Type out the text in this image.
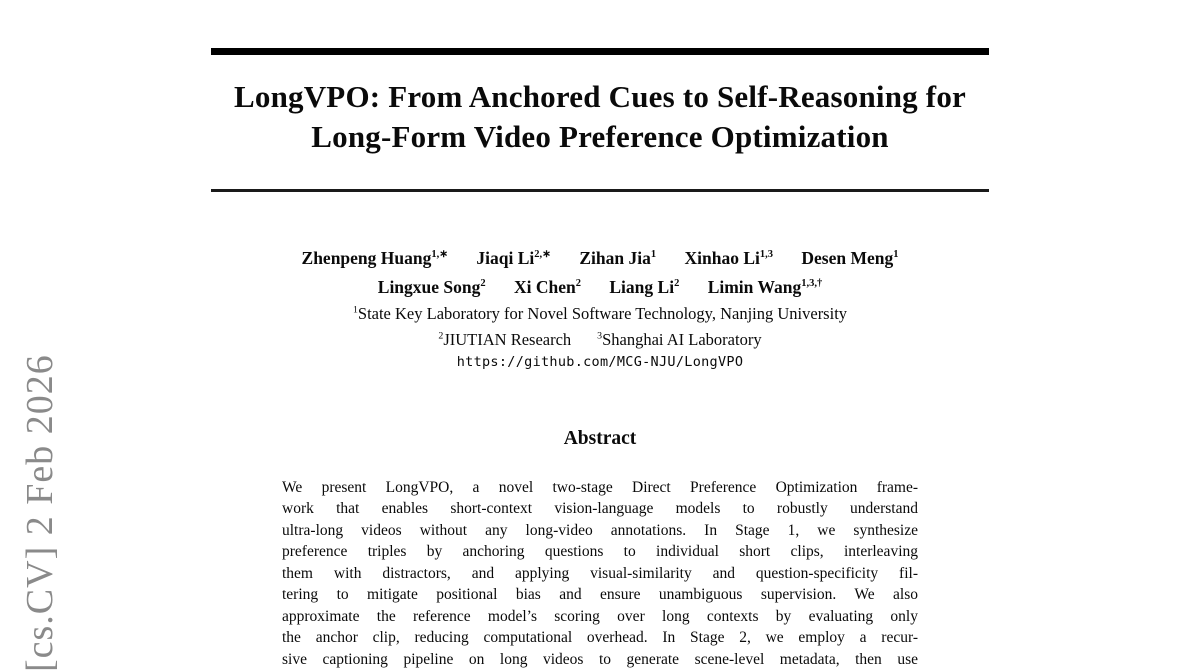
[cs.CV] 2 Feb 2026
LongVPO: From Anchored Cues to Self-Reasoning for
Long-Form Video Preference Optimization
Zhenpeng Huang$^{1,∗}$ Jiaqi $Li^{2,∗}$ Zihan Jia$^1$ Xinhao Li$^{1,3}$ Desen Meng$^1$
Lingxue Song$^2$ Xi Chen$^2$ Liang Li$^2$ Limin Wang$^{1,3,\dagger}$
$^1$State Key Laboratory for Novel Software Technology, Nanjing University
$^2$JIUTIAN Research	$^3$Shanghai AI Laboratory
https://github.com/MCG-NJU/LongVPO
Abstract
We present LongVPO, a novel two-stage Direct Preference Optimization frame-
work that enables short-context vision-language models to robustly understand
ultra-long videos without any long-video annotations. In Stage 1, we synthesize
preference triples by anchoring questions to individual short clips, interleaving
them with distractors, and applying visual-similarity and question-specificity fil-
tering to mitigate positional bias and ensure unambiguous supervision. We also
approximate the reference model’s scoring over long contexts by evaluating only
the anchor clip, reducing computational overhead. In Stage 2, we employ a recur-
sive captioning pipeline on long videos to generate scene-level metadata, then use
